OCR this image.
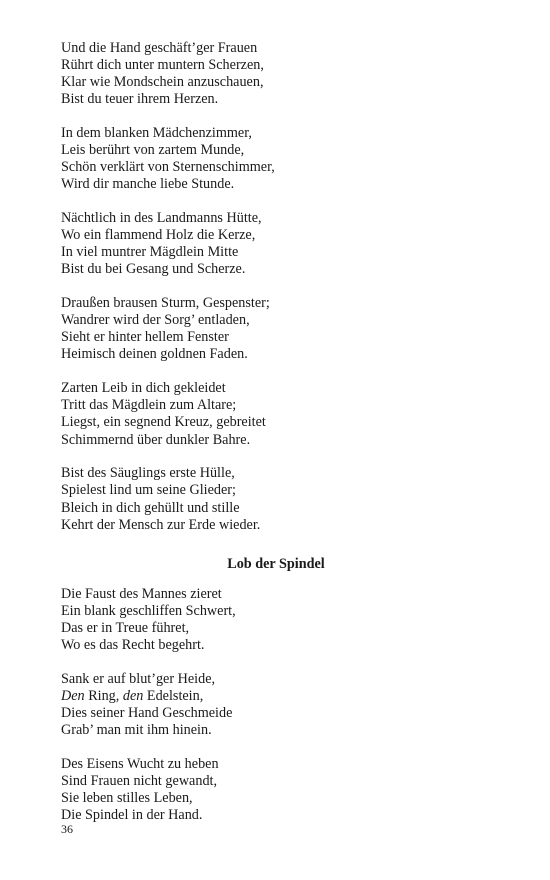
Und die Hand geschäft’ger Frauen
Rührt dich unter muntern Scherzen,
Klar wie Mondschein anzuschauen,
Bist du teuer ihrem Herzen.
In dem blanken Mädchenzimmer,
Leis berührt von zartem Munde,
Schön verklärt von Sternenschimmer,
Wird dir manche liebe Stunde.
Nächtlich in des Landmanns Hütte,
Wo ein flammend Holz die Kerze,
In viel muntrer Mägdlein Mitte
Bist du bei Gesang und Scherze.
Draußen brausen Sturm, Gespenster;
Wandrer wird der Sorg’ entladen,
Sieht er hinter hellem Fenster
Heimisch deinen goldnen Faden.
Zarten Leib in dich gekleidet
Tritt das Mägdlein zum Altare;
Liegst, ein segnend Kreuz, gebreitet
Schimmernd über dunkler Bahre.
Bist des Säuglings erste Hülle,
Spielest lind um seine Glieder;
Bleich in dich gehüllt und stille
Kehrt der Mensch zur Erde wieder.
Lob der Spindel
Die Faust des Mannes zieret
Ein blank geschliffen Schwert,
Das er in Treue führet,
Wo es das Recht begehrt.
Sank er auf blut’ger Heide,
Den Ring, den Edelstein,
Dies seiner Hand Geschmeide
Grab’ man mit ihm hinein.
Des Eisens Wucht zu heben
Sind Frauen nicht gewandt,
Sie leben stilles Leben,
Die Spindel in der Hand.
36
